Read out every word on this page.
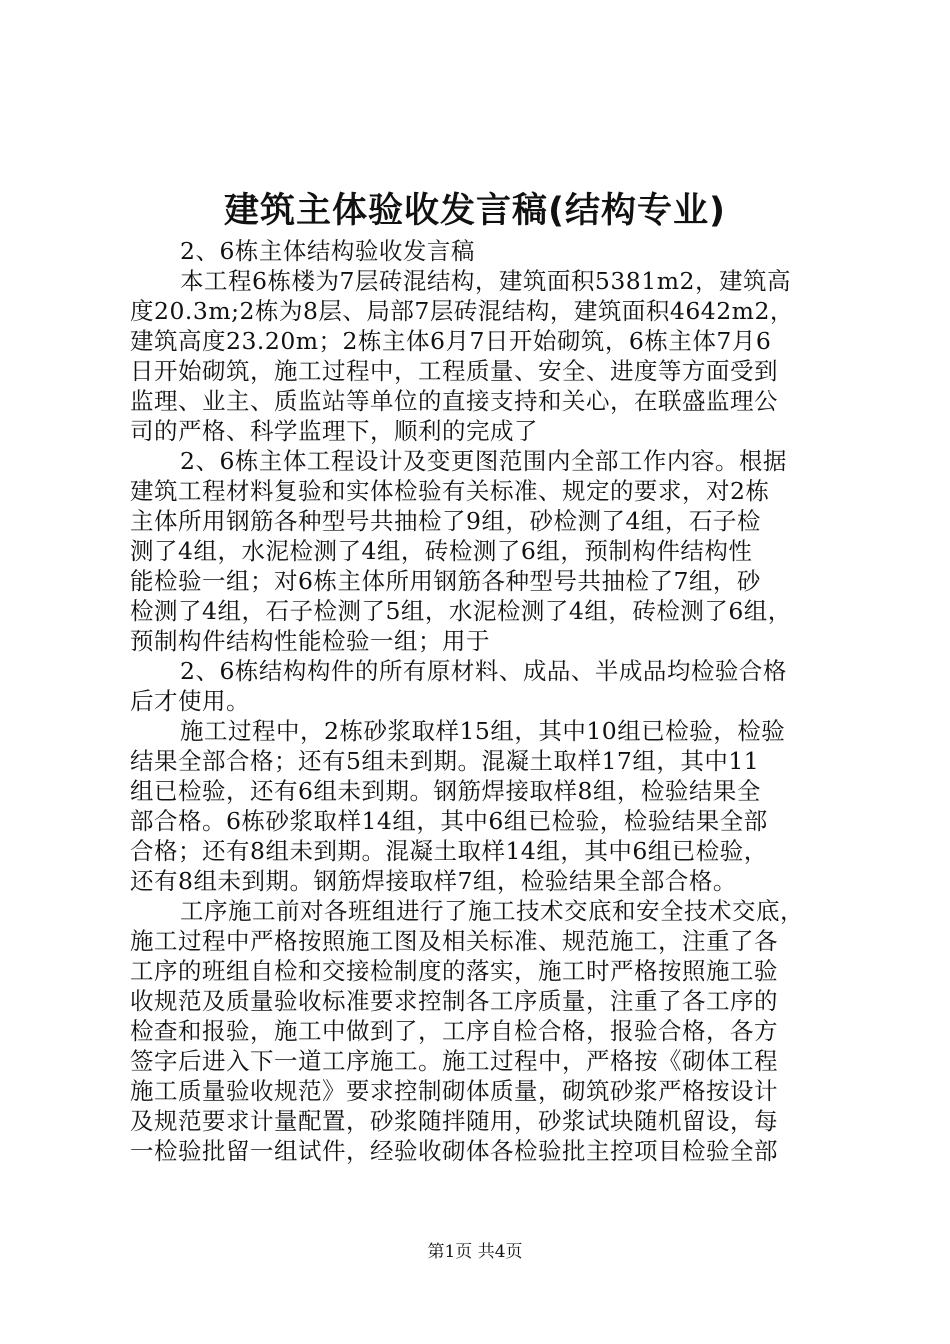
建筑主体验收发言稿(结构专业)

2、6栋主体结构验收发言稿

本工程6栋楼为7层砖混结构，建筑面积5381m2，建筑高

度20.3m;2栋为8层、局部7层砖混结构，建筑面积4642m2，

建筑高度23.20m；2栋主体6月7日开始砌筑，6栋主体7月6

日开始砌筑，施工过程中，工程质量、安全、进度等方面受到

监理、业主、质监站等单位的直接支持和关心，在联盛监理公

司的严格、科学监理下，顺利的完成了

2、6栋主体工程设计及变更图范围内全部工作内容。根据

建筑工程材料复验和实体检验有关标准、规定的要求，对2栋

主体所用钢筋各种型号共抽检了9组，砂检测了4组，石子检

测了4组，水泥检测了4组，砖检测了6组，预制构件结构性

能检验一组；对6栋主体所用钢筋各种型号共抽检了7组，砂

检测了4组，石子检测了5组，水泥检测了4组，砖检测了6组，

预制构件结构性能检验一组；用于

2、6栋结构构件的所有原材料、成品、半成品均检验合格

后才使用。

施工过程中，2栋砂浆取样15组，其中10组已检验，检验

结果全部合格；还有5组未到期。混凝土取样17组，其中11

组已检验，还有6组未到期。钢筋焊接取样8组，检验结果全

部合格。6栋砂浆取样14组，其中6组已检验，检验结果全部

合格；还有8组未到期。混凝土取样14组，其中6组已检验，

还有8组未到期。钢筋焊接取样7组，检验结果全部合格。

工序施工前对各班组进行了施工技术交底和安全技术交底，

施工过程中严格按照施工图及相关标准、规范施工，注重了各

工序的班组自检和交接检制度的落实，施工时严格按照施工验

收规范及质量验收标准要求控制各工序质量，注重了各工序的

检查和报验，施工中做到了，工序自检合格，报验合格，各方

签字后进入下一道工序施工。施工过程中，严格按《砌体工程

施工质量验收规范》要求控制砌体质量，砌筑砂浆严格按设计

及规范要求计量配置，砂浆随拌随用，砂浆试块随机留设，每

一检验批留一组试件，经验收砌体各检验批主控项目检验全部

第1页 共4页
